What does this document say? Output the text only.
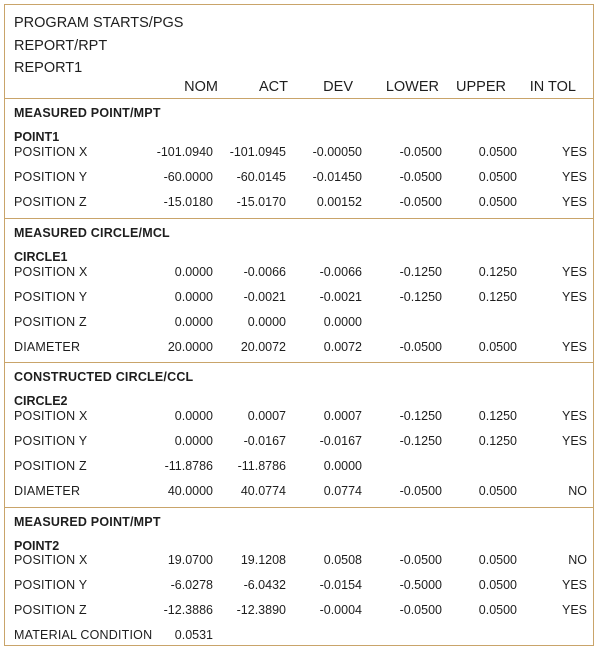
PROGRAM STARTS/PGS
REPORT/RPT
REPORT1
NOM	ACT DEV LOWER UPPER IN TOL
MEASURED POINT/MPT
POINT1
POSITION X	-101.0940 -101.0945 -0.00050	-0.0500	0.0500	YES
POSITION Y	-60.0000 -60.0145 -0.01450	-0.0500	0.0500	YES
POSITION Z	-15.0180 -15.0170 0.00152	-0.0500	0.0500	YES
MEASURED CIRCLE/MCL
CIRCLE1
POSITION X	0.0000 -0.0066	-0.0066	-0.1250	0.1250	YES
POSITION Y	0.0000 -0.0021	-0.0021	-0.1250	0.1250	YES
POSITION Z	0.0000	0.0000	0.0000
DIAMETER	20.0000 20.0072	0.0072	-0.0500	0.0500	YES
CONSTRUCTED CIRCLE/CCL
CIRCLE2
POSITION X	0.0000	0.0007	0.0007	-0.1250	0.1250	YES
POSITION Y	0.0000 -0.0167	-0.0167	-0.1250	0.1250	YES
POSITION Z	-11.8786 -11.8786	0.0000
DIAMETER	40.0000 40.0774	0.0774	-0.0500	0.0500	NO
MEASURED POINT/MPT
POINT2
POSITION X	19.0700 19.1208	0.0508	-0.0500	0.0500	NO
POSITION Y	-6.0278 -6.0432	-0.0154	-0.5000	0.0500	YES
POSITION Z	-12.3886 -12.3890	-0.0004	-0.0500	0.0500	YES
MATERIAL CONDITION 0.0531
